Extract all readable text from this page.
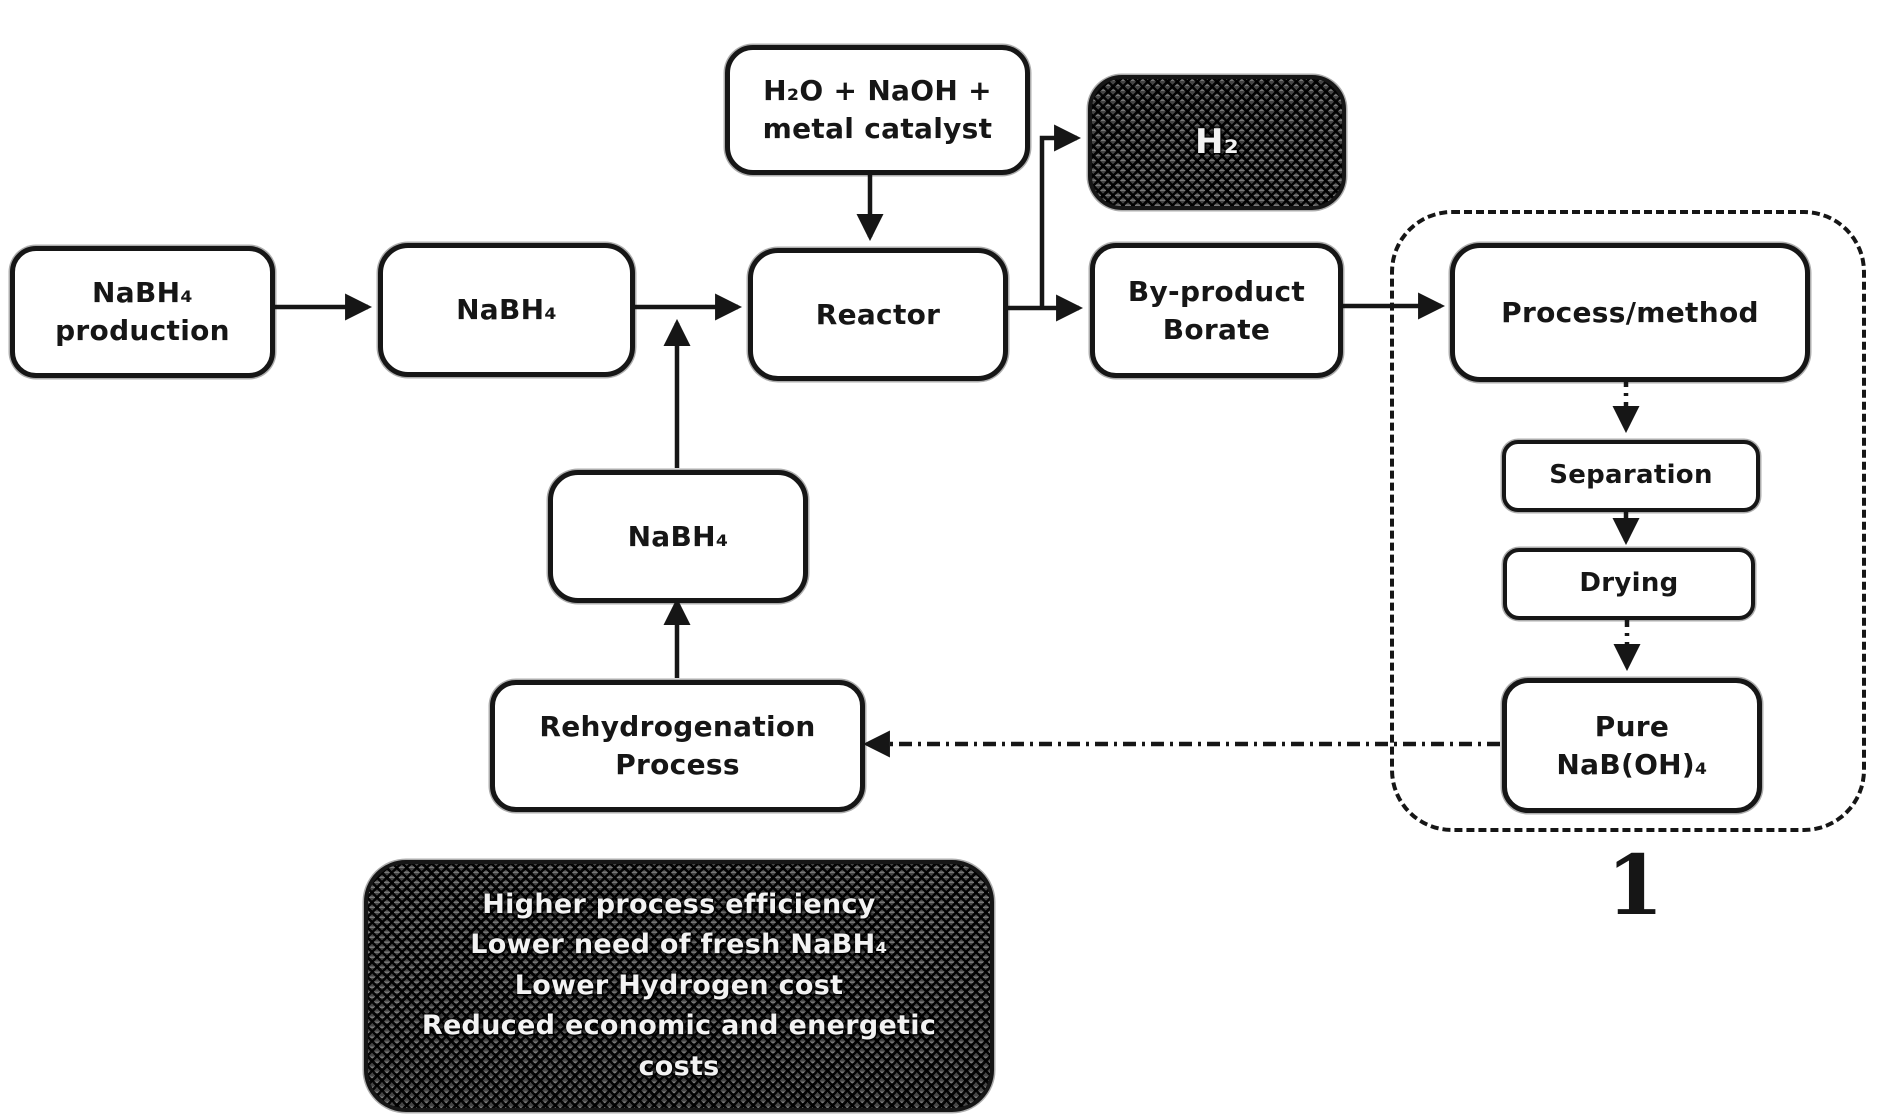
H₂O + NaOH +
metal catalyst
NaBH₄
production
NaBH₄	Reactor
H₂
By-product
Borate
Process/method
Separation
Drying
Pure
NaB(OH)₄
NaBH₄
Rehydrogenation
Process
Higher process efficiency
Lower need of fresh NaBH₄
Lower Hydrogen cost
Reduced economic and energetic
costs
1
